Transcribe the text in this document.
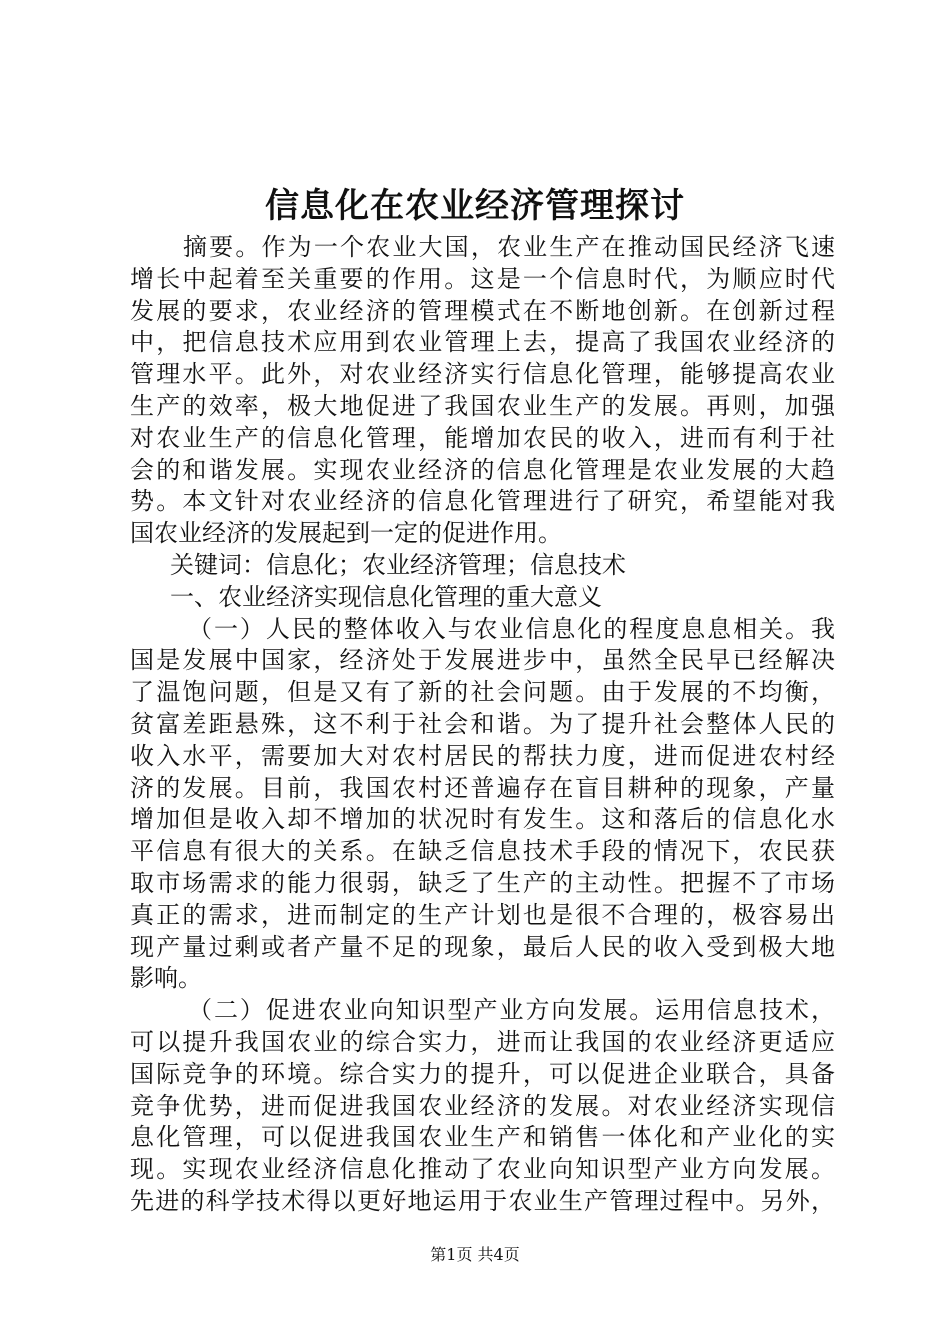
信息化在农业经济管理探讨
摘要。作为一个农业大国，农业生产在推动国民经济飞速
增长中起着至关重要的作用。这是一个信息时代，为顺应时代
发展的要求，农业经济的管理模式在不断地创新。在创新过程
中，把信息技术应用到农业管理上去，提高了我国农业经济的
管理水平。此外，对农业经济实行信息化管理，能够提高农业
生产的效率，极大地促进了我国农业生产的发展。再则，加强
对农业生产的信息化管理，能增加农民的收入，进而有利于社
会的和谐发展。实现农业经济的信息化管理是农业发展的大趋
势。本文针对农业经济的信息化管理进行了研究，希望能对我
国农业经济的发展起到一定的促进作用。
关键词：信息化；农业经济管理；信息技术
一、农业经济实现信息化管理的重大意义
（一）人民的整体收入与农业信息化的程度息息相关。我
国是发展中国家，经济处于发展进步中，虽然全民早已经解决
了温饱问题，但是又有了新的社会问题。由于发展的不均衡，
贫富差距悬殊，这不利于社会和谐。为了提升社会整体人民的
收入水平，需要加大对农村居民的帮扶力度，进而促进农村经
济的发展。目前，我国农村还普遍存在盲目耕种的现象，产量
增加但是收入却不增加的状况时有发生。这和落后的信息化水
平信息有很大的关系。在缺乏信息技术手段的情况下，农民获
取市场需求的能力很弱，缺乏了生产的主动性。把握不了市场
真正的需求，进而制定的生产计划也是很不合理的，极容易出
现产量过剩或者产量不足的现象，最后人民的收入受到极大地
影响。
（二）促进农业向知识型产业方向发展。运用信息技术，
可以提升我国农业的综合实力，进而让我国的农业经济更适应
国际竞争的环境。综合实力的提升，可以促进企业联合，具备
竞争优势，进而促进我国农业经济的发展。对农业经济实现信
息化管理，可以促进我国农业生产和销售一体化和产业化的实
现。实现农业经济信息化推动了农业向知识型产业方向发展。
先进的科学技术得以更好地运用于农业生产管理过程中。另外，
第1页 共4页
